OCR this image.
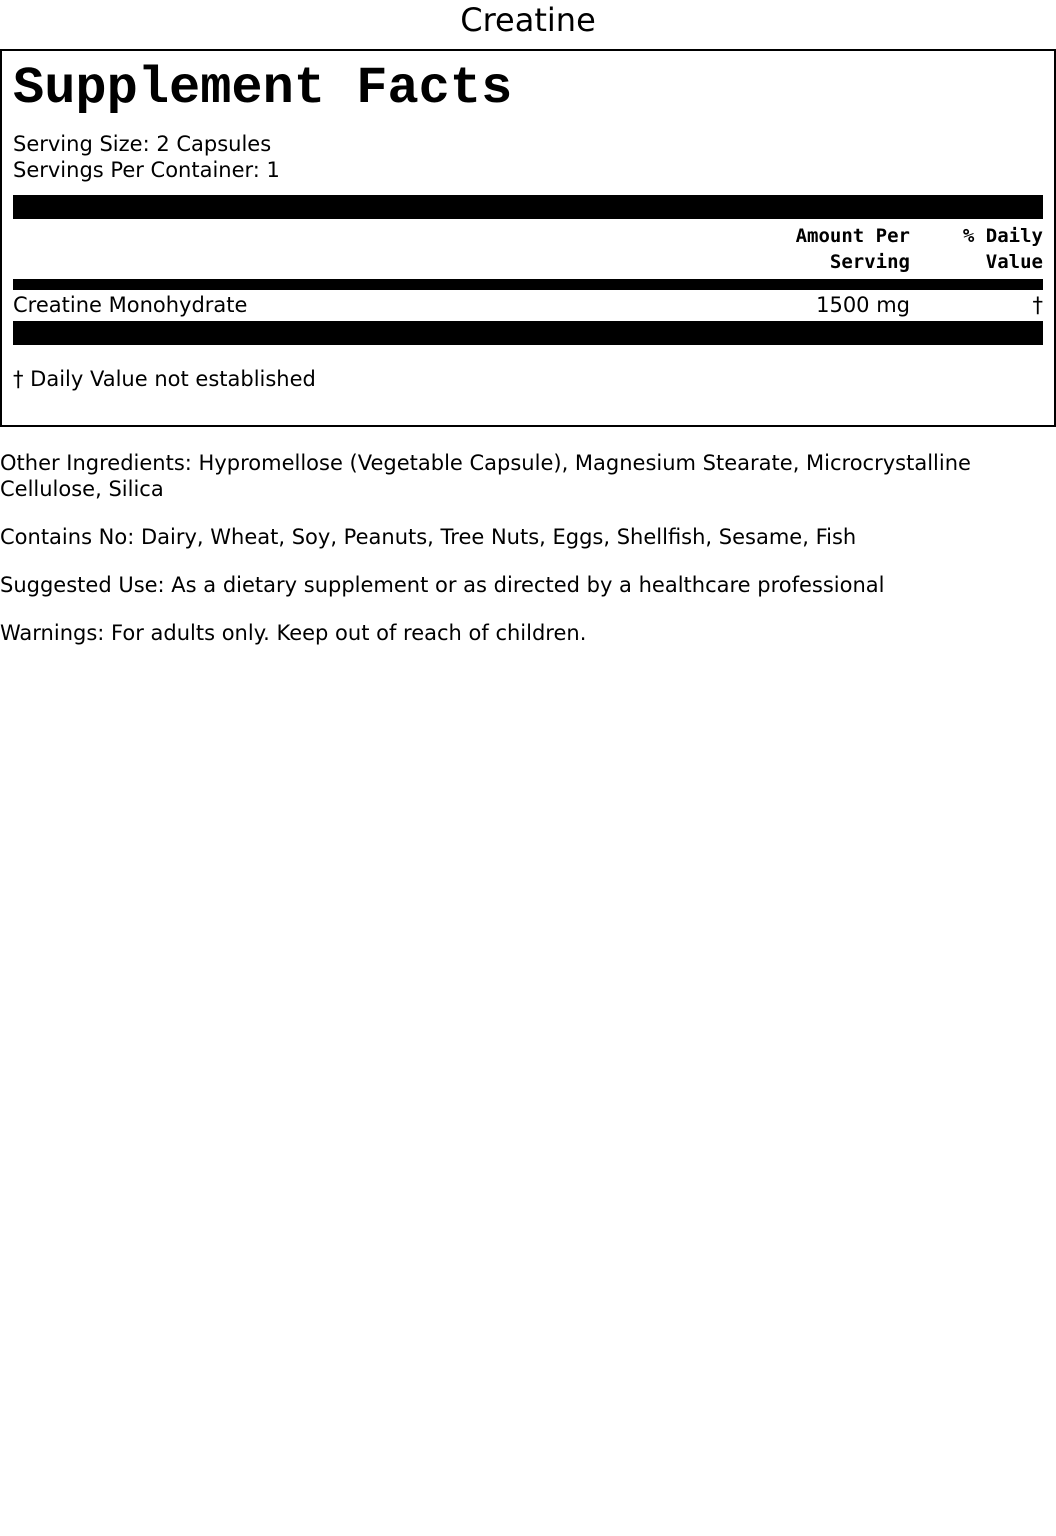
Creatine
Supplement Facts
Serving Size: 2 Capsules
Servings Per Container: 1
Amount Per
Serving
% Daily
Value
Creatine Monohydrate	1500 mg	†
† Daily Value not established
Other Ingredients: Hypromellose (Vegetable Capsule), Magnesium Stearate, Microcrystalline Cellulose, Silica
Contains No: Dairy, Wheat, Soy, Peanuts, Tree Nuts, Eggs, Shellfish, Sesame, Fish
Suggested Use: As a dietary supplement or as directed by a healthcare professional
Warnings: For adults only. Keep out of reach of children.
